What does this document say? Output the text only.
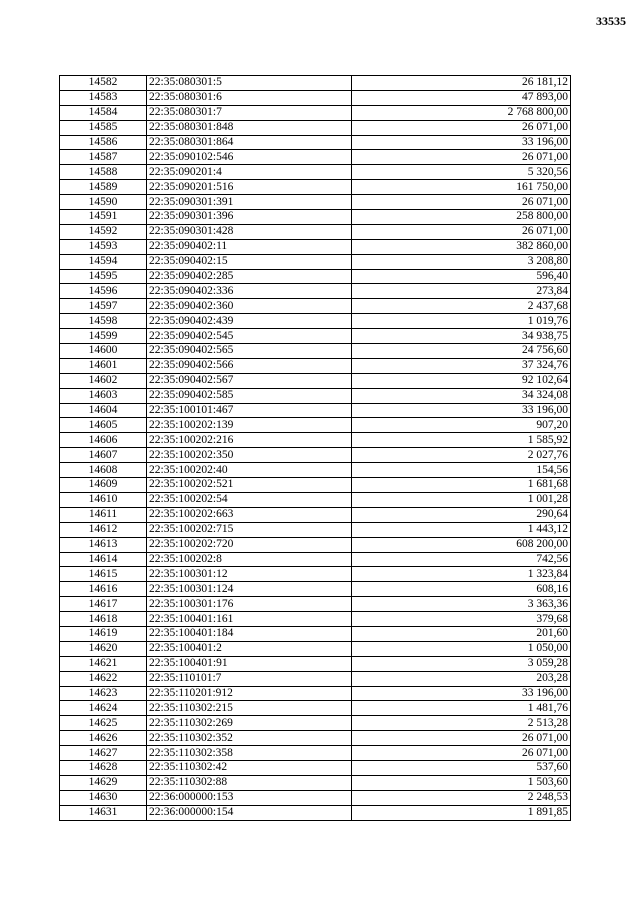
33535
14582	22:35:080301:5	26 181,12
14583	22:35:080301:6	47 893,00
14584	22:35:080301:7	2 768 800,00
14585	22:35:080301:848	26 071,00
14586	22:35:080301:864	33 196,00
14587	22:35:090102:546	26 071,00
14588	22:35:090201:4	5 320,56
14589	22:35:090201:516	161 750,00
14590	22:35:090301:391	26 071,00
14591	22:35:090301:396	258 800,00
14592	22:35:090301:428	26 071,00
14593	22:35:090402:11	382 860,00
14594	22:35:090402:15	3 208,80
14595	22:35:090402:285	596,40
14596	22:35:090402:336	273,84
14597	22:35:090402:360	2 437,68
14598	22:35:090402:439	1 019,76
14599	22:35:090402:545	34 938,75
14600	22:35:090402:565	24 756,60
14601	22:35:090402:566	37 324,76
14602	22:35:090402:567	92 102,64
14603	22:35:090402:585	34 324,08
14604	22:35:100101:467	33 196,00
14605	22:35:100202:139	907,20
14606	22:35:100202:216	1 585,92
14607	22:35:100202:350	2 027,76
14608	22:35:100202:40	154,56
14609	22:35:100202:521	1 681,68
14610	22:35:100202:54	1 001,28
14611	22:35:100202:663	290,64
14612	22:35:100202:715	1 443,12
14613	22:35:100202:720	608 200,00
14614	22:35:100202:8	742,56
14615	22:35:100301:12	1 323,84
14616	22:35:100301:124	608,16
14617	22:35:100301:176	3 363,36
14618	22:35:100401:161	379,68
14619	22:35:100401:184	201,60
14620	22:35:100401:2	1 050,00
14621	22:35:100401:91	3 059,28
14622	22:35:110101:7	203,28
14623	22:35:110201:912	33 196,00
14624	22:35:110302:215	1 481,76
14625	22:35:110302:269	2 513,28
14626	22:35:110302:352	26 071,00
14627	22:35:110302:358	26 071,00
14628	22:35:110302:42	537,60
14629	22:35:110302:88	1 503,60
14630	22:36:000000:153	2 248,53
14631	22:36:000000:154	1 891,85
